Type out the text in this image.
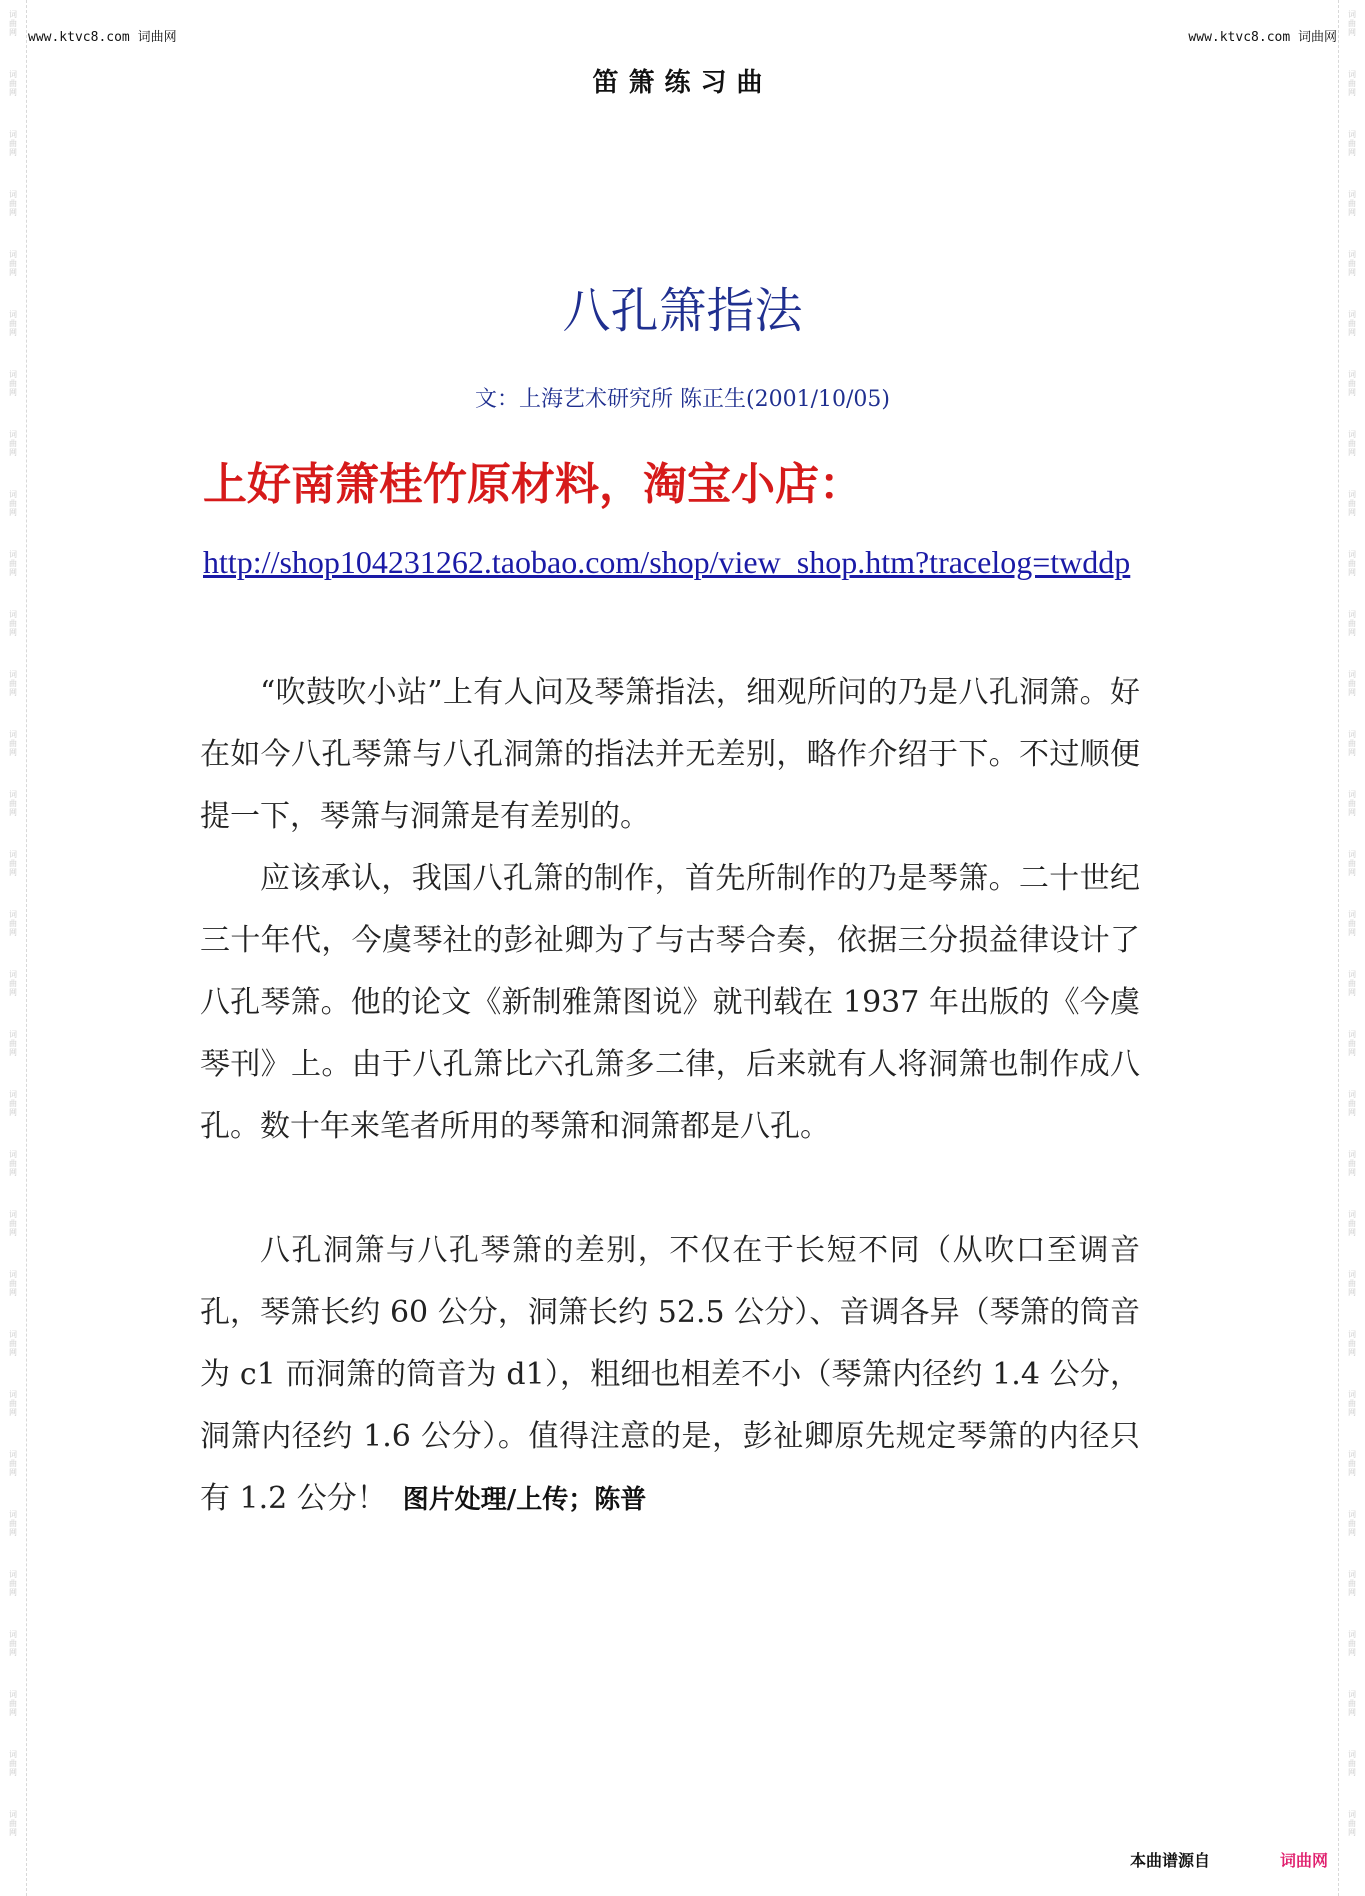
词
曲
网
词
曲
网
词
曲
网
词
曲
网
词
曲
网
词
曲
网
词
曲
网
词
曲
网
词
曲
网
词
曲
网
词
曲
网
词
曲
网
词
曲
网
词
曲
网
词
曲
网
词
曲
网
词
曲
网
词
曲
网
词
曲
网
词
曲
网
词
曲
网
词
曲
网
词
曲
网
词
曲
网
词
曲
网
词
曲
网
词
曲
网
词
曲
网
词
曲
网
词
曲
网
词
曲
网
词
曲
网
词
曲
网
词
曲
网
词
曲
网
词
曲
网
词
曲
网
词
曲
网
词
曲
网
词
曲
网
词
曲
网
词
曲
网
词
曲
网
词
曲
网
词
曲
网
词
曲
网
词
曲
网
词
曲
网
词
曲
网
词
曲
网
词
曲
网
词
曲
网
词
曲
网
词
曲
网
词
曲
网
词
曲
网
词
曲
网
词
曲
网
词
曲
网
词
曲
网
词
曲
网
词
曲
网
www.ktvc8.com 词曲网	www.ktvc8.com 词曲网
笛箫练习曲
八孔箫指法
文：上海艺术研究所 陈正生(2001/10/05)
上好南箫桂竹原材料，淘宝小店：
http://shop104231262.taobao.com/shop/view_shop.htm?tracelog=twddp
“吹鼓吹小站”上有人问及琴箫指法，细观所问的乃是八孔洞箫。好在如今八孔琴箫与八孔洞箫的指法并无差别，略作介绍于下。不过顺便提一下，琴箫与洞箫是有差别的。
应该承认，我国八孔箫的制作，首先所制作的乃是琴箫。二十世纪三十年代，今虞琴社的彭祉卿为了与古琴合奏，依据三分损益律设计了八孔琴箫。他的论文《新制雅箫图说》就刊载在 1937 年出版的《今虞琴刊》上。由于八孔箫比六孔箫多二律，后来就有人将洞箫也制作成八孔。数十年来笔者所用的琴箫和洞箫都是八孔。
八孔洞箫与八孔琴箫的差别，不仅在于长短不同（从吹口至调音孔，琴箫长约 60 公分，洞箫长约 52.5 公分）、音调各异（琴箫的筒音为 c1 而洞箫的筒音为 d1），粗细也相差不小（琴箫内径约 1.4 公分，洞箫内径约 1.6 公分）。值得注意的是，彭祉卿原先规定琴箫的内径只有 1.2 公分！ 图片处理/上传；陈普
本曲谱源自	词曲网
